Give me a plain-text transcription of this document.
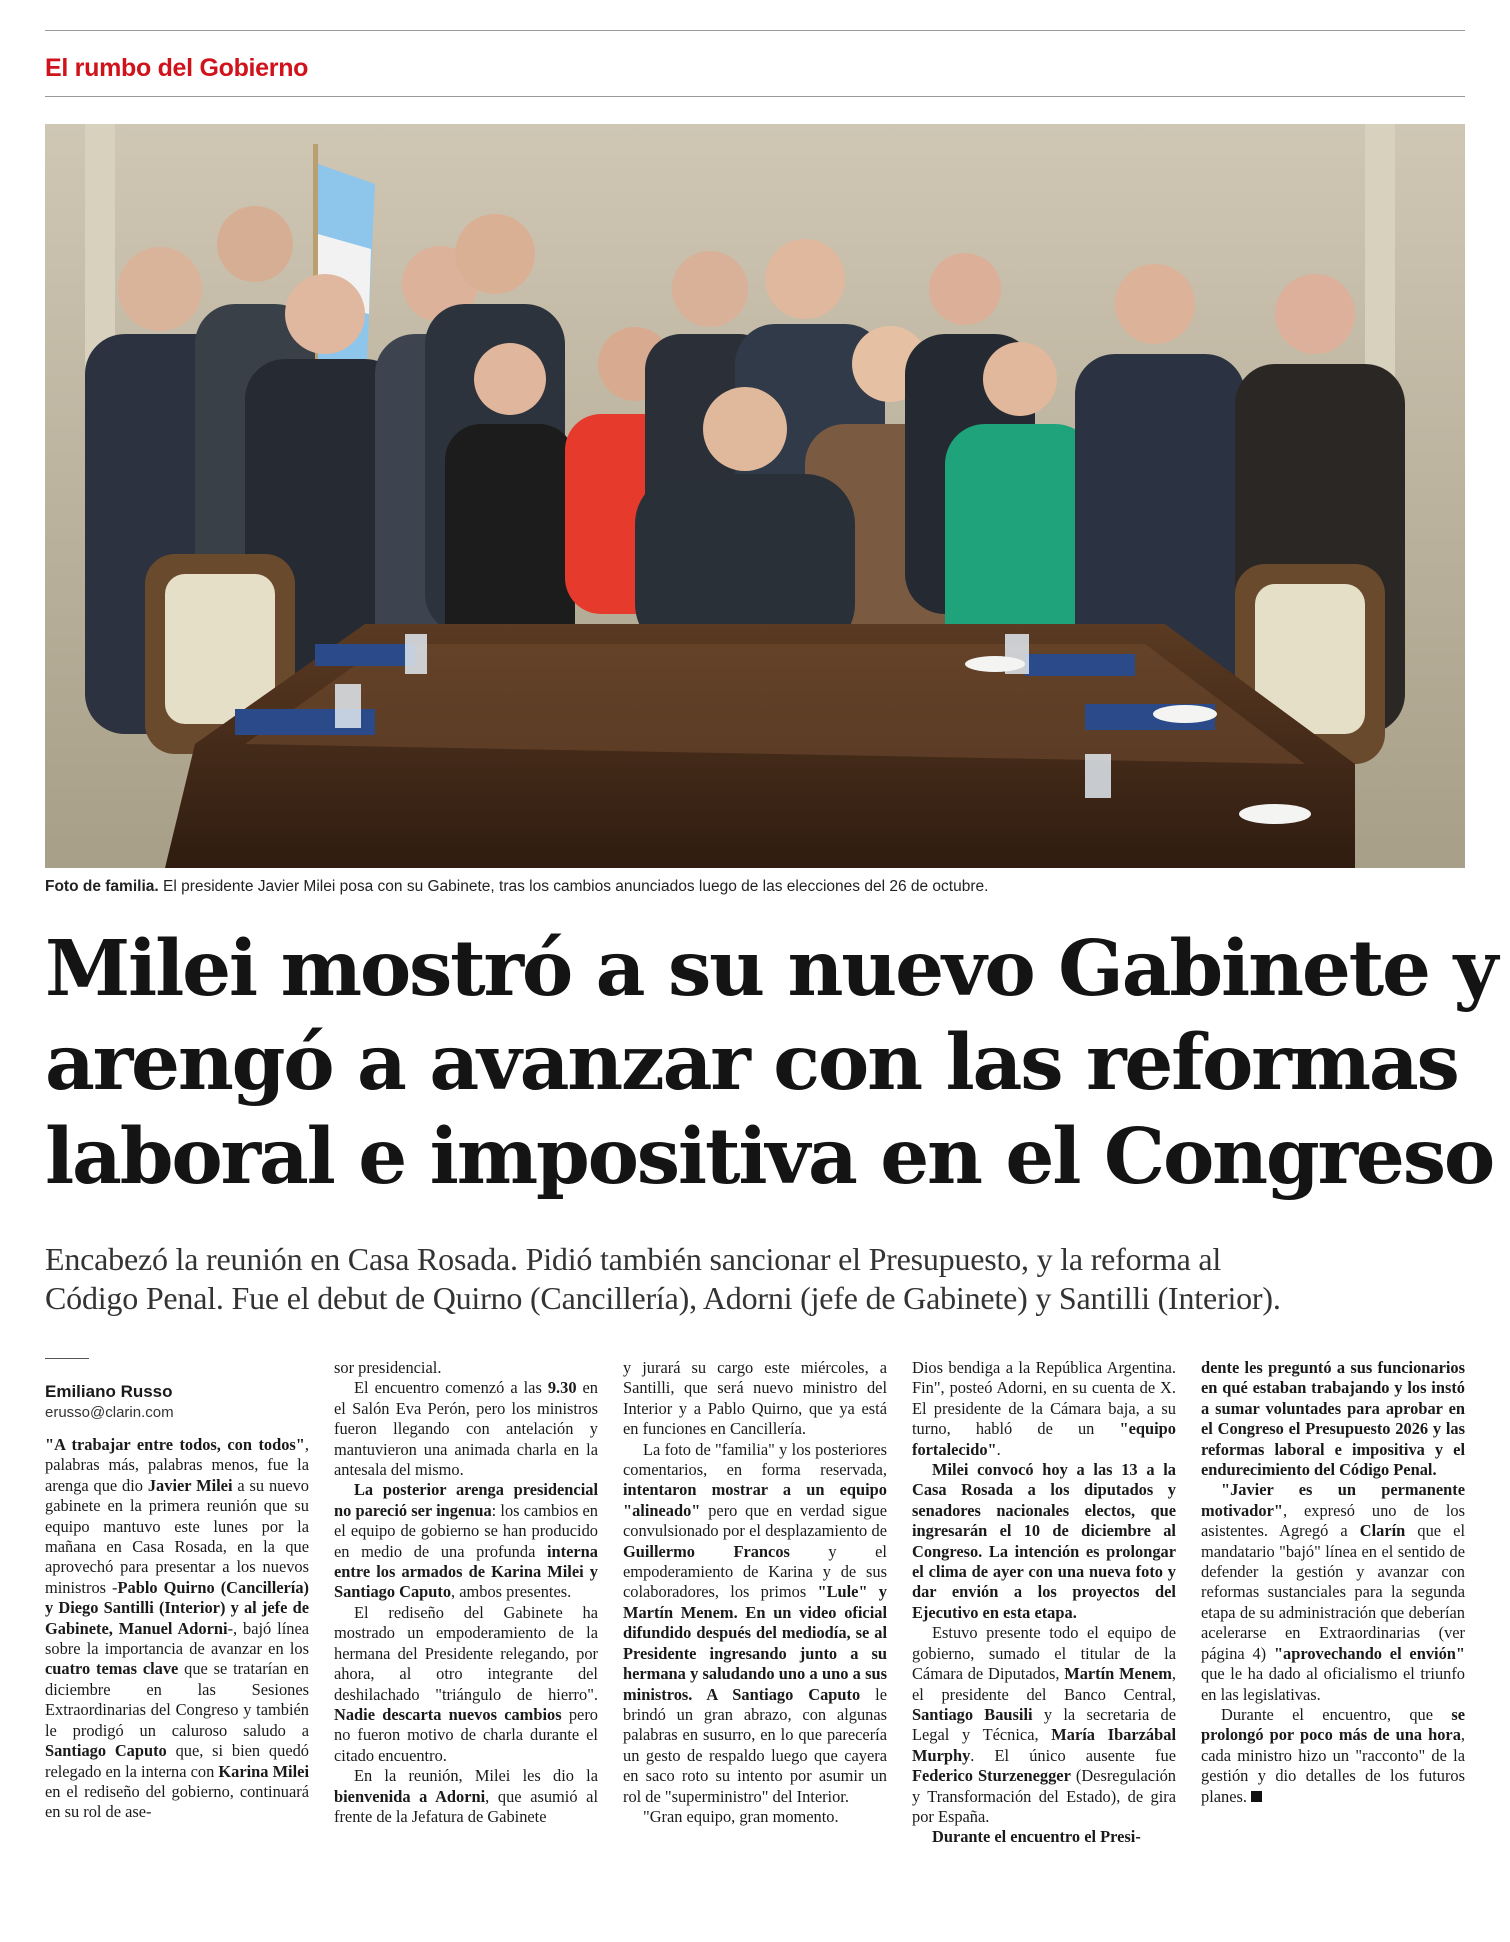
El rumbo del Gobierno
Foto de familia. El presidente Javier Milei posa con su Gabinete, tras los cambios anunciados luego de las elecciones del 26 de octubre.
Milei mostró a su nuevo Gabinete y
arengó a avanzar con las reformas
laboral e impositiva en el Congreso
Encabezó la reunión en Casa Rosada. Pidió también sancionar el Presupuesto, y la reforma al
Código Penal. Fue el debut de Quirno (Cancillería), Adorni (jefe de Gabinete) y Santilli (Interior).
Emiliano Russo
erusso@clarin.com

"A trabajar entre todos, con todos", palabras más, palabras menos, fue la arenga que dio Javier Milei a su nuevo gabinete en la primera reunión que su equipo mantuvo este lunes por la mañana en Casa Rosada, en la que aprovechó para presentar a los nuevos ministros -Pablo Quirno (Cancillería) y Diego Santilli (Interior) y al jefe de Gabinete, Manuel Adorni-, bajó línea sobre la importancia de avanzar en los cuatro temas clave que se tratarían en diciembre en las Sesiones Extraordinarias del Congreso y también le prodigó un caluroso saludo a Santiago Caputo que, si bien quedó relegado en la interna con Karina Milei en el rediseño del gobierno, continuará en su rol de ase-

sor presidencial.

El encuentro comenzó a las 9.30 en el Salón Eva Perón, pero los ministros fueron llegando con antelación y mantuvieron una animada charla en la antesala del mismo.

La posterior arenga presidencial no pareció ser ingenua: los cambios en el equipo de gobierno se han producido en medio de una profunda interna entre los armados de Karina Milei y Santiago Caputo, ambos presentes.

El rediseño del Gabinete ha mostrado un empoderamiento de la hermana del Presidente relegando, por ahora, al otro integrante del deshilachado "triángulo de hierro". Nadie descarta nuevos cambios pero no fueron motivo de charla durante el citado encuentro.

En la reunión, Milei les dio la bienvenida a Adorni, que asumió al frente de la Jefatura de Gabinete

y jurará su cargo este miércoles, a Santilli, que será nuevo ministro del Interior y a Pablo Quirno, que ya está en funciones en Cancillería.

La foto de "familia" y los posteriores comentarios, en forma reservada, intentaron mostrar a un equipo "alineado" pero que en verdad sigue convulsionado por el desplazamiento de Guillermo Francos y el empoderamiento de Karina y de sus colaboradores, los primos "Lule" y Martín Menem. En un video oficial difundido después del mediodía, se al Presidente ingresando junto a su hermana y saludando uno a uno a sus ministros. A Santiago Caputo le brindó un gran abrazo, con algunas palabras en susurro, en lo que parecería un gesto de respaldo luego que cayera en saco roto su intento por asumir un rol de "superministro" del Interior.

"Gran equipo, gran momento.

Dios bendiga a la República Argentina. Fin", posteó Adorni, en su cuenta de X. El presidente de la Cámara baja, a su turno, habló de un "equipo fortalecido".

Milei convocó hoy a las 13 a la Casa Rosada a los diputados y senadores nacionales electos, que ingresarán el 10 de diciembre al Congreso. La intención es prolongar el clima de ayer con una nueva foto y dar envión a los proyectos del Ejecutivo en esta etapa.

Estuvo presente todo el equipo de gobierno, sumado el titular de la Cámara de Diputados, Martín Menem, el presidente del Banco Central, Santiago Bausili y la secretaria de Legal y Técnica, María Ibarzábal Murphy. El único ausente fue Federico Sturzenegger (Desregulación y Transformación del Estado), de gira por España.

Durante el encuentro el Presi-

dente les preguntó a sus funcionarios en qué estaban trabajando y los instó a sumar voluntades para aprobar en el Congreso el Presupuesto 2026 y las reformas laboral e impositiva y el endurecimiento del Código Penal.

"Javier es un permanente motivador", expresó uno de los asistentes. Agregó a Clarín que el mandatario "bajó" línea en el sentido de defender la gestión y avanzar con reformas sustanciales para la segunda etapa de su administración que deberían acelerarse en Extraordinarias (ver página 4) "aprovechando el envión" que le ha dado al oficialismo el triunfo en las legislativas.

Durante el encuentro, que se prolongó por poco más de una hora, cada ministro hizo un "racconto" de la gestión y dio detalles de los futuros planes.
